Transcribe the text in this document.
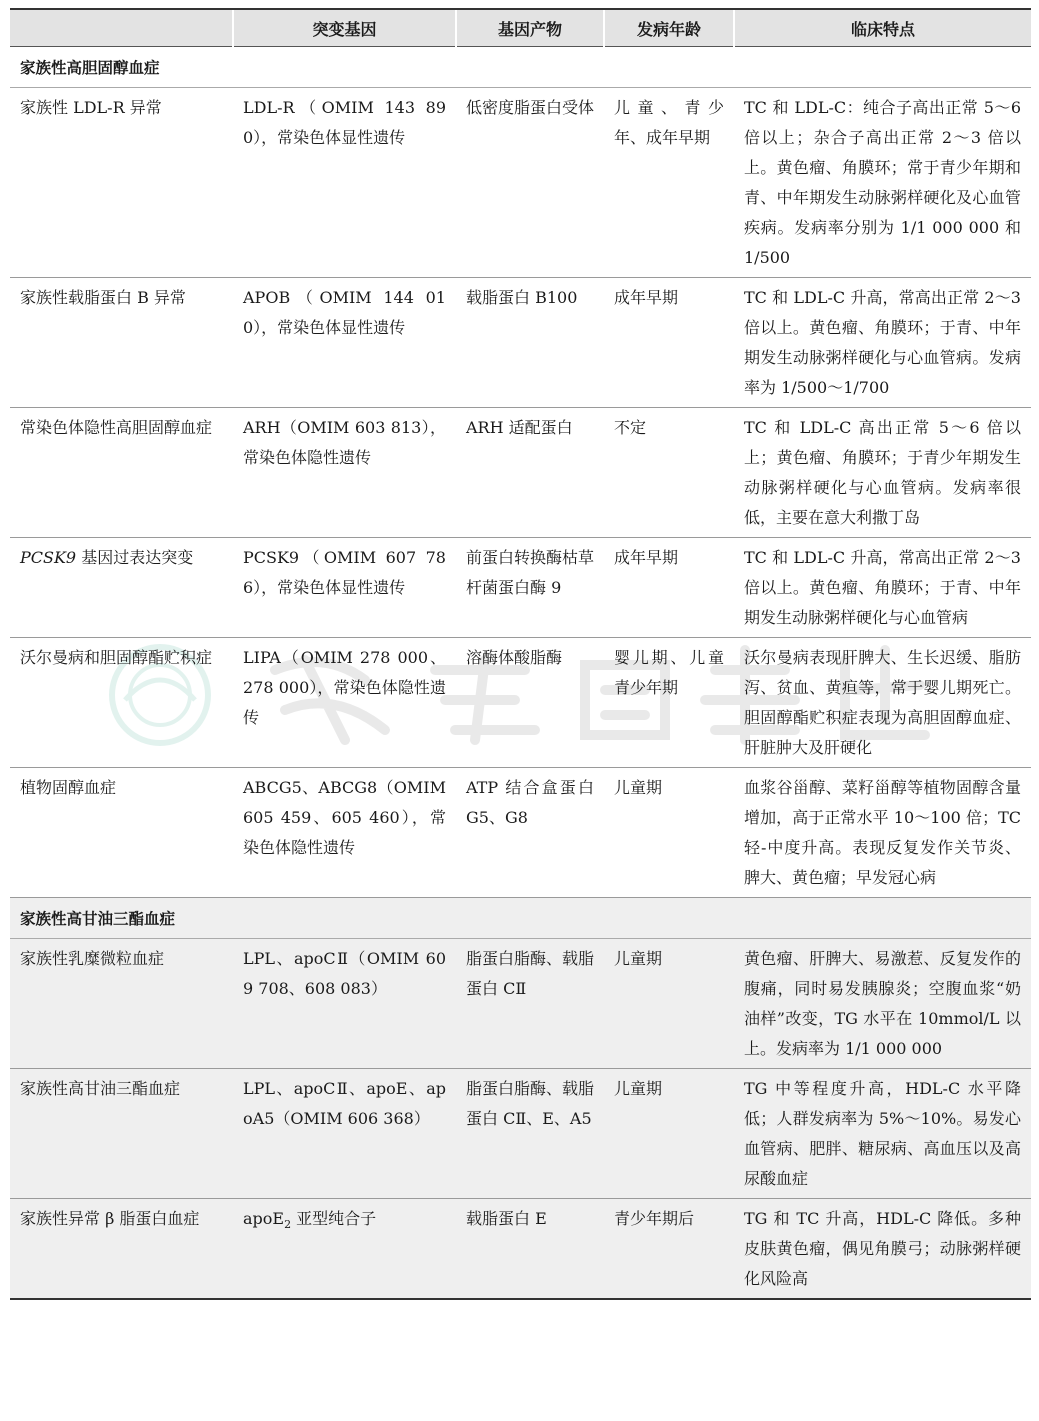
	突变基因	基因产物	发病年龄	临床特点
家族性高胆固醇血症				
家族性 LDL-R 异常	LDL-R（OMIM 143 890），常染色体显性遗传	低密度脂蛋白受体	儿童、青少年、成年早期	TC 和 LDL-C：纯合子高出正常 5～6 倍以上；杂合子高出正常 2～3 倍以上。黄色瘤、角膜环；常于青少年期和青、中年期发生动脉粥样硬化及心血管疾病。发病率分别为 1/1 000 000 和 1/500
家族性载脂蛋白 B 异常	APOB（OMIM 144 010），常染色体显性遗传	载脂蛋白 B100	成年早期	TC 和 LDL-C 升高，常高出正常 2～3 倍以上。黄色瘤、角膜环；于青、中年期发生动脉粥样硬化与心血管病。发病率为 1/500～1/700
常染色体隐性高胆固醇血症	ARH（OMIM 603 813），常染色体隐性遗传	ARH 适配蛋白	不定	TC 和 LDL-C 高出正常 5～6 倍以上；黄色瘤、角膜环；于青少年期发生动脉粥样硬化与心血管病。发病率很低，主要在意大利撒丁岛
PCSK9 基因过表达突变	PCSK9（OMIM 607 786），常染色体显性遗传	前蛋白转换酶枯草杆菌蛋白酶 9	成年早期	TC 和 LDL-C 升高，常高出正常 2～3 倍以上。黄色瘤、角膜环；于青、中年期发生动脉粥样硬化与心血管病
沃尔曼病和胆固醇酯贮积症	LIPA（OMIM 278 000、278 000），常染色体隐性遗传	溶酶体酸脂酶	婴儿期、儿童青少年期	沃尔曼病表现肝脾大、生长迟缓、脂肪泻、贫血、黄疸等，常于婴儿期死亡。胆固醇酯贮积症表现为高胆固醇血症、肝脏肿大及肝硬化
植物固醇血症	ABCG5、ABCG8（OMIM 605 459、605 460），常染色体隐性遗传	ATP 结合盒蛋白 G5、G8	儿童期	血浆谷甾醇、菜籽甾醇等植物固醇含量增加，高于正常水平 10～100 倍；TC 轻-中度升高。表现反复发作关节炎、脾大、黄色瘤；早发冠心病
家族性高甘油三酯血症				
家族性乳糜微粒血症	LPL、apoCⅡ（OMIM 609 708、608 083）	脂蛋白脂酶、载脂蛋白 CⅡ	儿童期	黄色瘤、肝脾大、易激惹、反复发作的腹痛，同时易发胰腺炎；空腹血浆“奶油样”改变，TG 水平在 10mmol/L 以上。发病率为 1/1 000 000
家族性高甘油三酯血症	LPL、apoCⅡ、apoE、apoA5（OMIM 606 368）	脂蛋白脂酶、载脂蛋白 CⅡ、E、A5	儿童期	TG 中等程度升高，HDL-C 水平降低；人群发病率为 5%～10%。易发心血管病、肥胖、糖尿病、高血压以及高尿酸血症
家族性异常 β 脂蛋白血症	apoE$_2$ 亚型纯合子	载脂蛋白 E	青少年期后	TG 和 TC 升高，HDL-C 降低。多种皮肤黄色瘤，偶见角膜弓；动脉粥样硬化风险高
